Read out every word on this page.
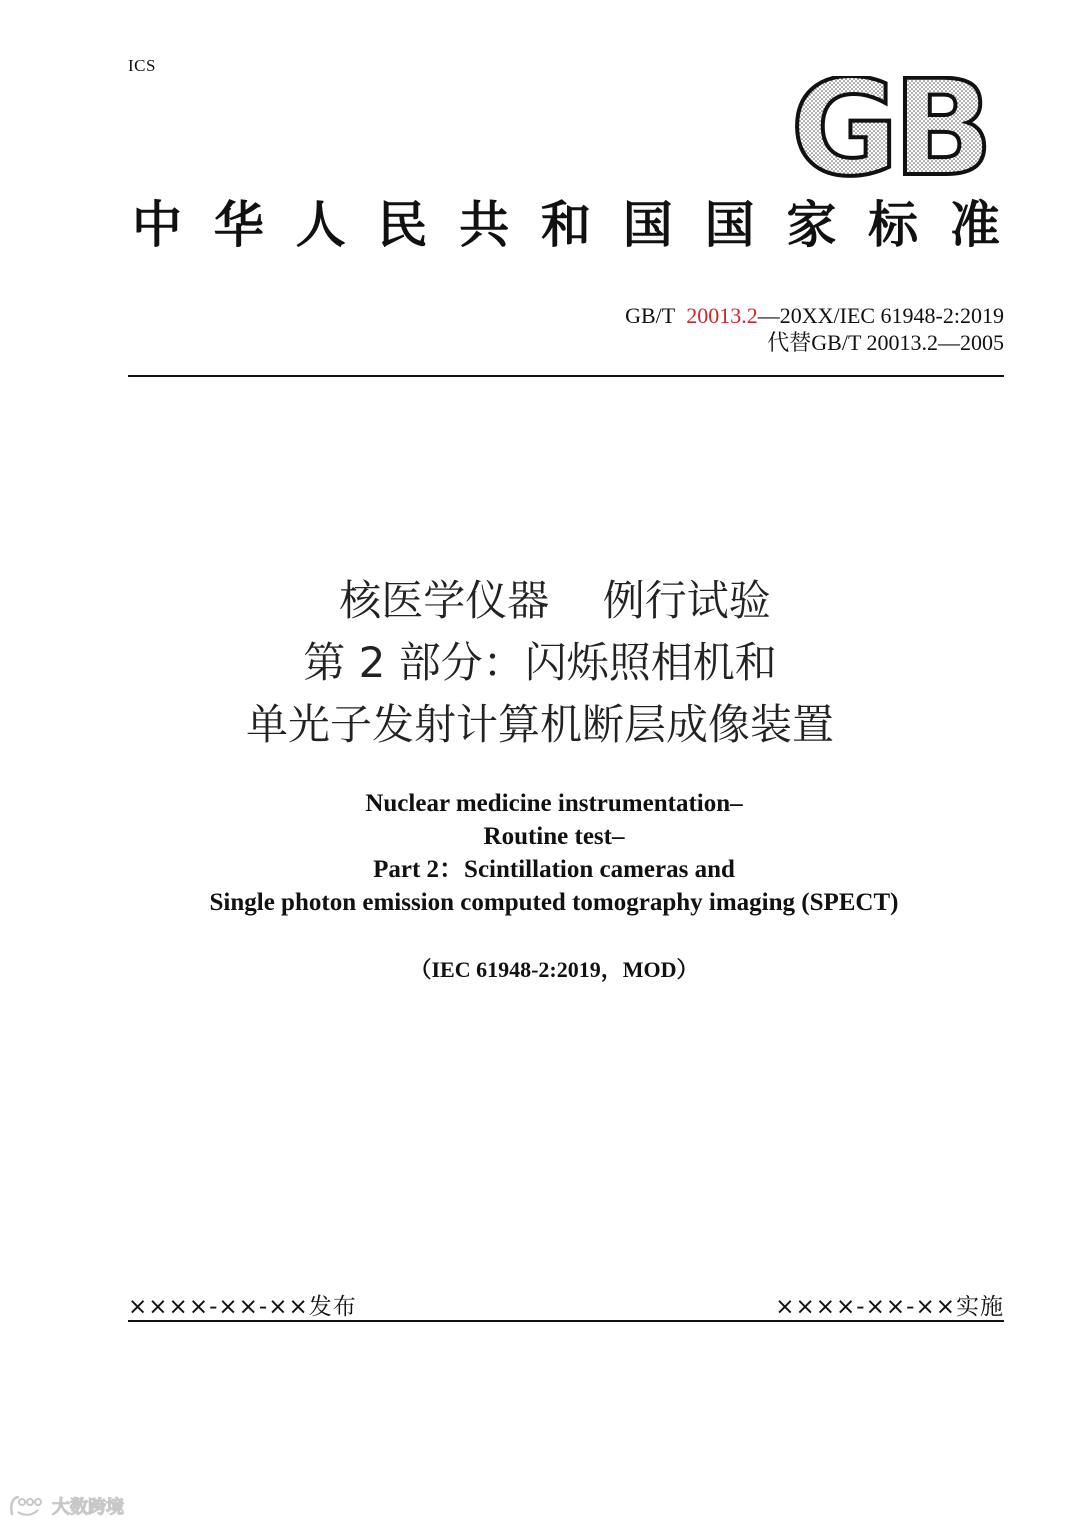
ICS	GB
中 华 人 民 共 和 国 国 家 标 准
GB/T 20013.2—20XX/IEC 61948-2:2019
代替GB/T 20013.2—2005
核医学仪器    例行试验
第 2 部分：闪烁照相机和
单光子发射计算机断层成像装置
Nuclear medicine instrumentation–
Routine test–
Part 2：Scintillation cameras and
Single photon emission computed tomography imaging (SPECT)
（IEC 61948-2:2019，MOD）
××××-××-××发布	××××-××-××实施
大数跨境
